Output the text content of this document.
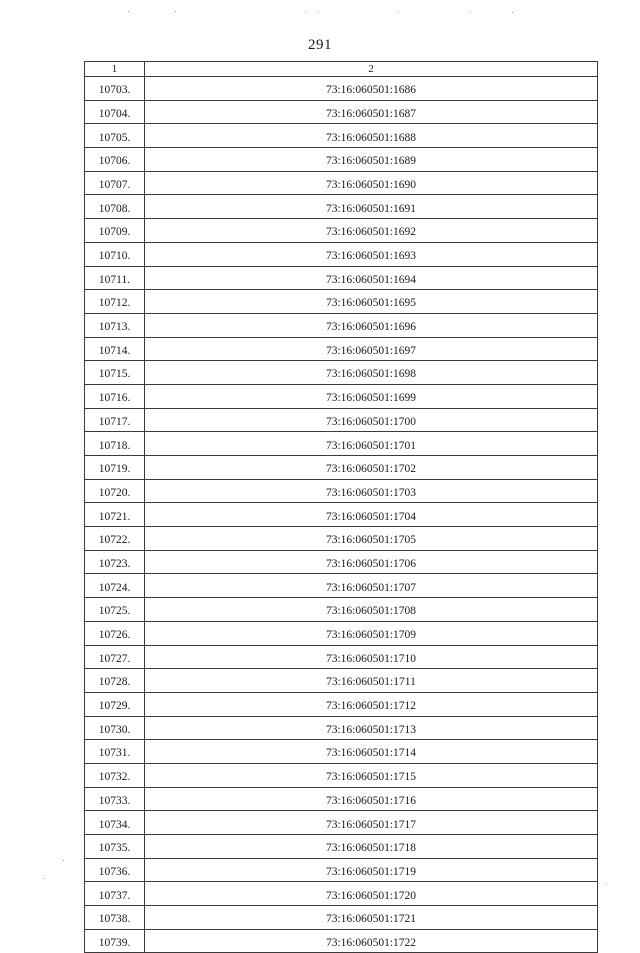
291
1	2
10703.	73:16:060501:1686
10704.	73:16:060501:1687
10705.	73:16:060501:1688
10706.	73:16:060501:1689
10707.	73:16:060501:1690
10708.	73:16:060501:1691
10709.	73:16:060501:1692
10710.	73:16:060501:1693
10711.	73:16:060501:1694
10712.	73:16:060501:1695
10713.	73:16:060501:1696
10714.	73:16:060501:1697
10715.	73:16:060501:1698
10716.	73:16:060501:1699
10717.	73:16:060501:1700
10718.	73:16:060501:1701
10719.	73:16:060501:1702
10720.	73:16:060501:1703
10721.	73:16:060501:1704
10722.	73:16:060501:1705
10723.	73:16:060501:1706
10724.	73:16:060501:1707
10725.	73:16:060501:1708
10726.	73:16:060501:1709
10727.	73:16:060501:1710
10728.	73:16:060501:1711
10729.	73:16:060501:1712
10730.	73:16:060501:1713
10731.	73:16:060501:1714
10732.	73:16:060501:1715
10733.	73:16:060501:1716
10734.	73:16:060501:1717
10735.	73:16:060501:1718
10736.	73:16:060501:1719
10737.	73:16:060501:1720
10738.	73:16:060501:1721
10739.	73:16:060501:1722
